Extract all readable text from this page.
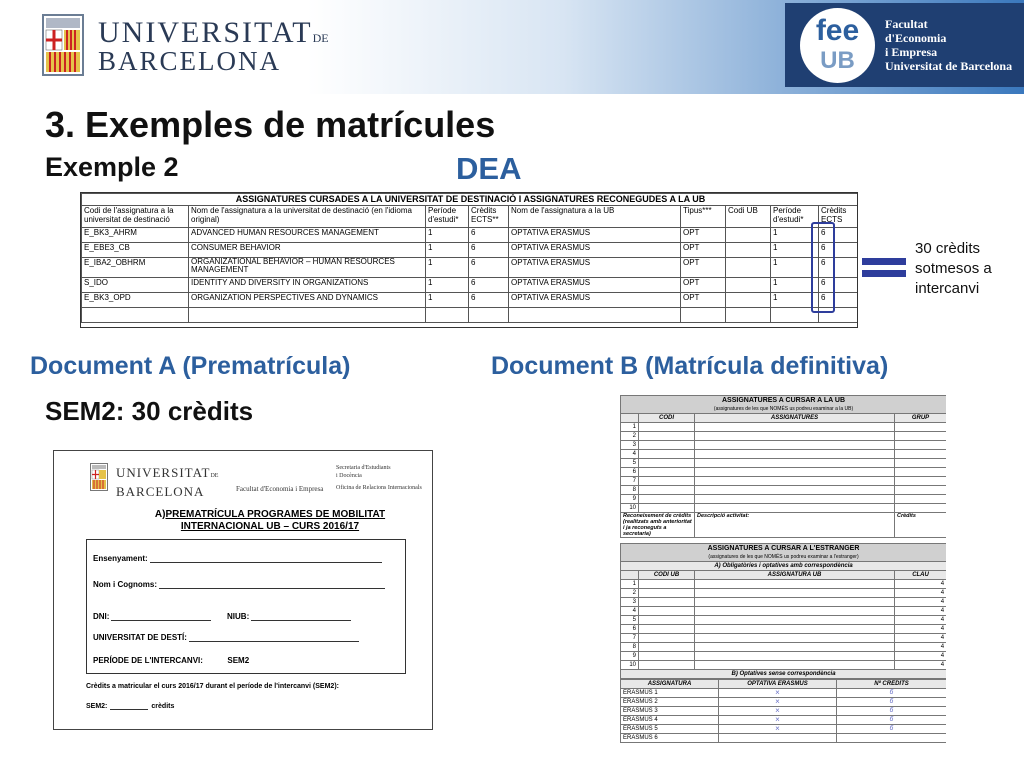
UNIVERSITATDE
BARCELONA
fee
UB
Facultat
d'Economia
i Empresa
Universitat de Barcelona
3. Exemples de matrícules
Exemple 2	DEA
ASSIGNATURES CURSADES A LA UNIVERSITAT DE DESTINACIÓ I ASSIGNATURES RECONEGUDES A LA UB								
Codi de l'assignatura a la universitat de destinació	Nom de l'assignatura a la universitat de destinació (en l'idioma original)	Període d'estudi*	Crèdits ECTS**	Nom de l'assignatura a la UB	Tipus***	Codi UB	Període d'estudi*	Crèdits ECTS
E_BK3_AHRM	ADVANCED HUMAN RESOURCES MANAGEMENT	1	6	OPTATIVA ERASMUS	OPT		1	6
E_EBE3_CB	CONSUMER BEHAVIOR	1	6	OPTATIVA ERASMUS	OPT		1	6
E_IBA2_OBHRM	ORGANIZATIONAL BEHAVIOR – HUMAN RESOURCES MANAGEMENT	1	6	OPTATIVA ERASMUS	OPT		1	6
S_IDO	IDENTITY AND DIVERSITY IN ORGANIZATIONS	1	6	OPTATIVA ERASMUS	OPT		1	6
E_BK3_OPD	ORGANIZATION PERSPECTIVES AND DYNAMICS	1	6	OPTATIVA ERASMUS	OPT		1	6

30 crèdits
sotmesos a
intercanvi
Document A (Prematrícula)	Document B (Matrícula definitiva)
SEM2: 30 crèdits
UNIVERSITATDE
BARCELONA	Facultat d'Economia i Empresa
Secretaria d'Estudiants
i Docència
Oficina de Relacions Internacionals
A)PREMATRÍCULA PROGRAMES DE MOBILITAT
INTERNACIONAL UB – CURS 2016/17
Ensenyament:
Nom i Cognoms:
DNI:	NIUB:
UNIVERSITAT DE DESTÍ:
PERÍODE DE L'INTERCANVI:	SEM2
Crèdits a matricular el curs 2016/17 durant el període de l'intercanvi (SEM2):
SEM2:	crèdits
ASSIGNATURES A CURSAR A LA UB
(assignatures de les que NOMÉS us podreu examinar a la UB)			

	CODI	ASSIGNATURES	GRUP
1			
2			
3			
4			
5			
6			
7			
8			
9			
10			
Reconeixement de crèdits (realitzats amb anterioritat i ja reconeguts a secretaria)		Descripció activitat:	Crèdits
ASSIGNATURES A CURSAR A L'ESTRANGER
(assignatures de les que NOMÉS us podreu examinar a l'estranger)			

A) Obligatòries i optatives amb correspondència			
	CODI UB	ASSIGNATURA UB	CLAU
1			4
2			4
3			4
4			4
5			4
6			4
7			4
8			4
9			4
10			4
B) Optatives sense correspondència			
ASSIGNATURA	OPTATIVA ERASMUS	Nº CRÈDITS
ERASMUS 1	×	6
ERASMUS 2	×	6
ERASMUS 3	×	6
ERASMUS 4	×	6
ERASMUS 5	×	6
ERASMUS 6		
